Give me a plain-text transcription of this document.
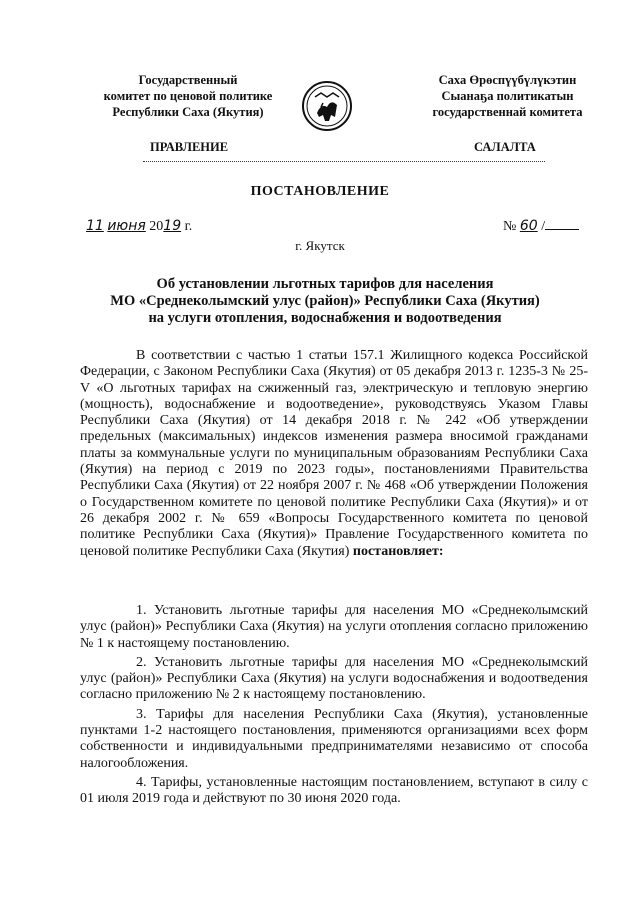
Государственный
комитет по ценовой политике
Республики Саха (Якутия)
Саха Өрөспүүбүлүкэтин
Сыанаҕа политикатын
государственнай комитета
ПРАВЛЕНИЕ	САЛАЛТА
ПОСТАНОВЛЕНИЕ
11 июня 2019 г.	№ 60 /
г. Якутск
Об установлении льготных тарифов для населения
МО «Среднеколымский улус (район)» Республики Саха (Якутия)
на услуги отопления, водоснабжения и водоотведения
В соответствии с частью 1 статьи 157.1 Жилищного кодекса Российской Федерации, с Законом Республики Саха (Якутия) от 05 декабря 2013 г. 1235-3 № 25-V «О льготных тарифах на сжиженный газ, электрическую и тепловую энергию (мощность), водоснабжение и водоотведение», руководствуясь Указом Главы Республики Саха (Якутия) от 14 декабря 2018 г. № 242 «Об утверждении предельных (максимальных) индексов изменения размера вносимой гражданами платы за коммунальные услуги по муниципальным образованиям Республики Саха (Якутия) на период с 2019 по 2023 годы», постановлениями Правительства Республики Саха (Якутия) от 22 ноября 2007 г. № 468 «Об утверждении Положения о Государственном комитете по ценовой политике Республики Саха (Якутия)» и от 26 декабря 2002 г. № 659 «Вопросы Государственного комитета по ценовой политике Республики Саха (Якутия)» Правление Государственного комитета по ценовой политике Республики Саха (Якутия) постановляет:

1. Установить льготные тарифы для населения МО «Среднеколымский улус (район)» Республики Саха (Якутия) на услуги отопления согласно приложению № 1 к настоящему постановлению.

2. Установить льготные тарифы для населения МО «Среднеколымский улус (район)» Республики Саха (Якутия) на услуги водоснабжения и водоотведения согласно приложению № 2 к настоящему постановлению.

3. Тарифы для населения Республики Саха (Якутия), установленные пунктами 1-2 настоящего постановления, применяются организациями всех форм собственности и индивидуальными предпринимателями независимо от способа налогообложения.

4. Тарифы, установленные настоящим постановлением, вступают в силу с 01 июля 2019 года и действуют по 30 июня 2020 года.
